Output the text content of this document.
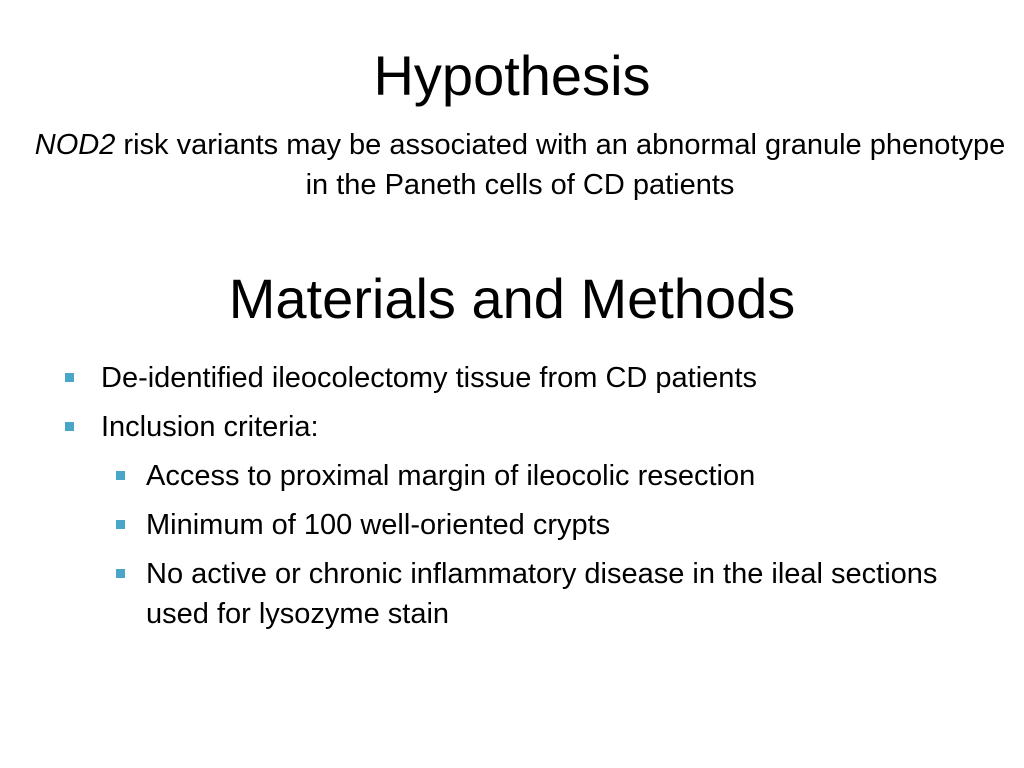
Hypothesis
NOD2 risk variants may be associated with an abnormal granule phenotype in the Paneth cells of CD patients
Materials and Methods
De-identified ileocolectomy tissue from CD patients
Inclusion criteria:
Access to proximal margin of ileocolic resection
Minimum of 100 well-oriented crypts
No active or chronic inflammatory disease in the ileal sections used for lysozyme stain
